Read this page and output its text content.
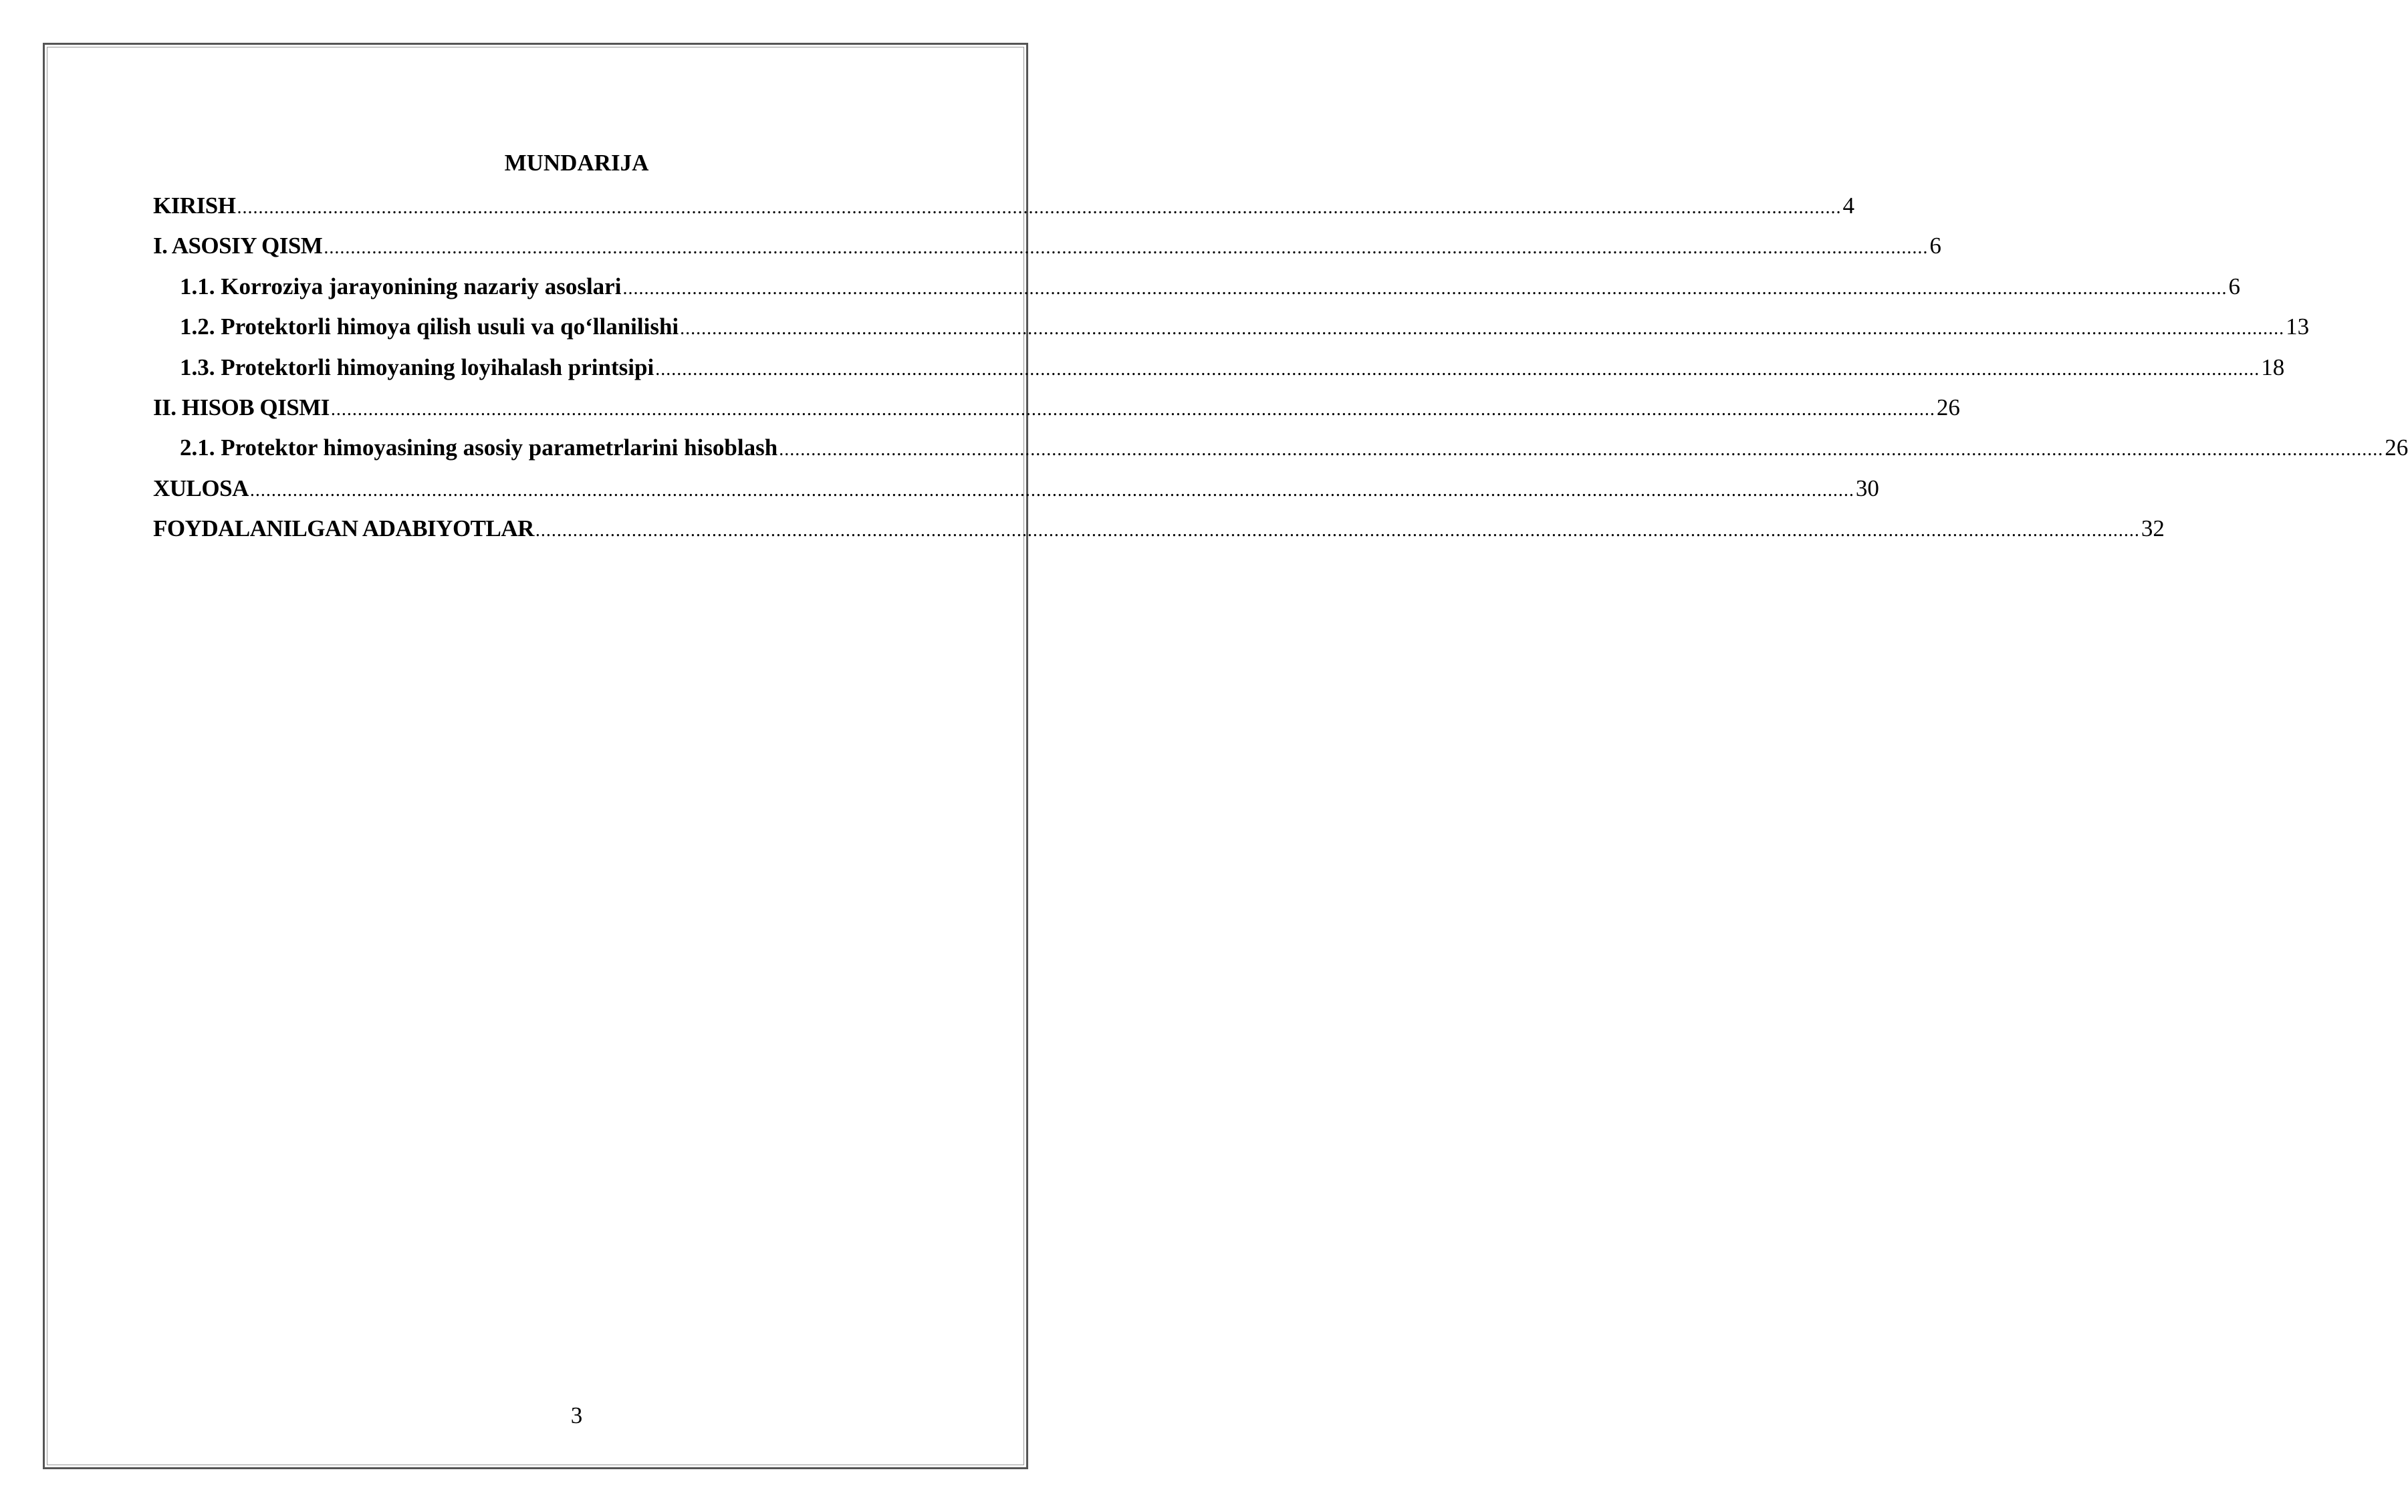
MUNDARIJA
KIRISH ............................................................................................................................................................................................................................................................................................................ 4
I. ASOSIY QISM ............................................................................................................................................................................................................................................................................................................ 6
1.1. Korroziya jarayonining nazariy asoslari ............................................................................................................................................................................................................................................................................................................ 6
1.2. Protektorli himoya qilish usuli va qo‘llanilishi ............................................................................................................................................................................................................................................................................................................ 13
1.3. Protektorli himoyaning loyihalash printsipi ............................................................................................................................................................................................................................................................................................................ 18
II. HISOB QISMI ............................................................................................................................................................................................................................................................................................................ 26
2.1. Protektor himoyasining asosiy parametrlarini hisoblash ............................................................................................................................................................................................................................................................................................................ 26
XULOSA ............................................................................................................................................................................................................................................................................................................ 30
FOYDALANILGAN ADABIYOTLAR ............................................................................................................................................................................................................................................................................................................ 32
3
